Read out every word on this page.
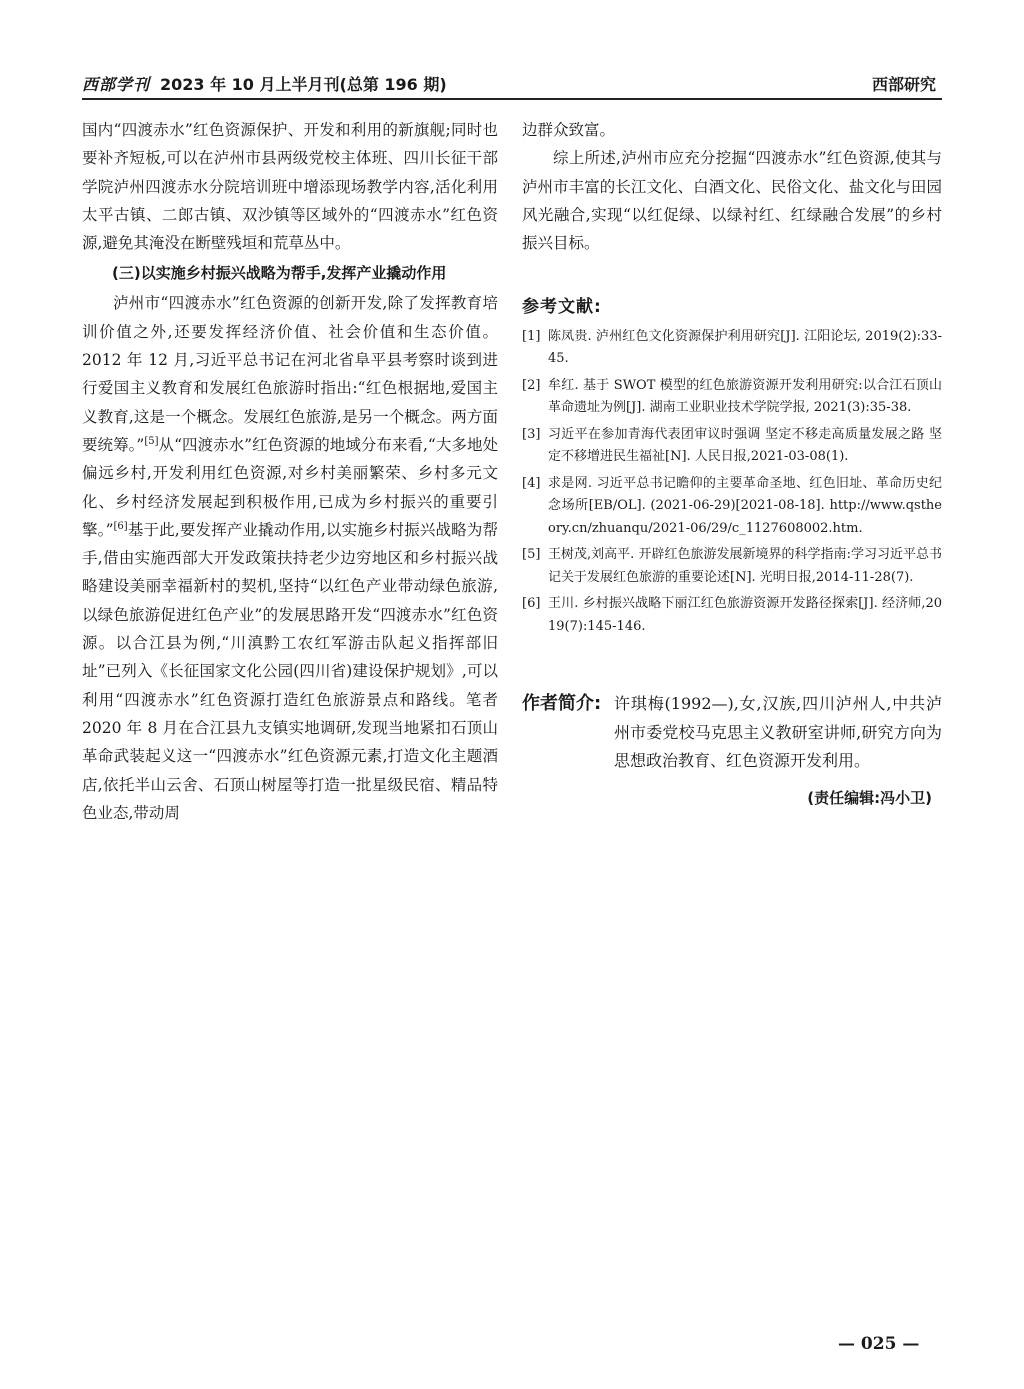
西部学刊 2023 年 10 月上半月刊(总第 196 期)	西部研究

国内“四渡赤水”红色资源保护、开发和利用的新旗舰;同时也要补齐短板,可以在泸州市县两级党校主体班、四川长征干部学院泸州四渡赤水分院培训班中增添现场教学内容,活化利用太平古镇、二郎古镇、双沙镇等区域外的“四渡赤水”红色资源,避免其淹没在断壁残垣和荒草丛中。

(三)以实施乡村振兴战略为帮手,发挥产业撬动作用

泸州市“四渡赤水”红色资源的创新开发,除了发挥教育培训价值之外,还要发挥经济价值、社会价值和生态价值。2012 年 12 月,习近平总书记在河北省阜平县考察时谈到进行爱国主义教育和发展红色旅游时指出:“红色根据地,爱国主义教育,这是一个概念。发展红色旅游,是另一个概念。两方面要统筹。”[5]从“四渡赤水”红色资源的地域分布来看,“大多地处偏远乡村,开发利用红色资源,对乡村美丽繁荣、乡村多元文化、乡村经济发展起到积极作用,已成为乡村振兴的重要引擎。”[6]基于此,要发挥产业撬动作用,以实施乡村振兴战略为帮手,借由实施西部大开发政策扶持老少边穷地区和乡村振兴战略建设美丽幸福新村的契机,坚持“以红色产业带动绿色旅游,以绿色旅游促进红色产业”的发展思路开发“四渡赤水”红色资源。以合江县为例,“川滇黔工农红军游击队起义指挥部旧址”已列入《长征国家文化公园(四川省)建设保护规划》,可以利用“四渡赤水”红色资源打造红色旅游景点和路线。笔者 2020 年 8 月在合江县九支镇实地调研,发现当地紧扣石顶山革命武装起义这一“四渡赤水”红色资源元素,打造文化主题酒店,依托半山云舍、石顶山树屋等打造一批星级民宿、精品特色业态,带动周

边群众致富。

综上所述,泸州市应充分挖掘“四渡赤水”红色资源,使其与泸州市丰富的长江文化、白酒文化、民俗文化、盐文化与田园风光融合,实现“以红促绿、以绿衬红、红绿融合发展”的乡村振兴目标。

参考文献:
[1] 陈凤贵. 泸州红色文化资源保护利用研究[J]. 江阳论坛, 2019(2):33-45.
[2] 牟红. 基于 SWOT 模型的红色旅游资源开发利用研究:以合江石顶山革命遗址为例[J]. 湖南工业职业技术学院学报, 2021(3):35-38.
[3] 习近平在参加青海代表团审议时强调 坚定不移走高质量发展之路 坚定不移增进民生福祉[N]. 人民日报,2021-03-08(1).
[4] 求是网. 习近平总书记瞻仰的主要革命圣地、红色旧址、革命历史纪念场所[EB/OL]. (2021-06-29)[2021-08-18]. http://www.qstheory.cn/zhuanqu/2021-06/29/c_1127608002.htm.
[5] 王树茂,刘高平. 开辟红色旅游发展新境界的科学指南:学习习近平总书记关于发展红色旅游的重要论述[N]. 光明日报,2014-11-28(7).
[6] 王川. 乡村振兴战略下丽江红色旅游资源开发路径探索[J]. 经济师,2019(7):145-146.
作者简介: 许琪梅(1992—),女,汉族,四川泸州人,中共泸州市委党校马克思主义教研室讲师,研究方向为思想政治教育、红色资源开发利用。
(责任编辑:冯小卫)
— 025 —
